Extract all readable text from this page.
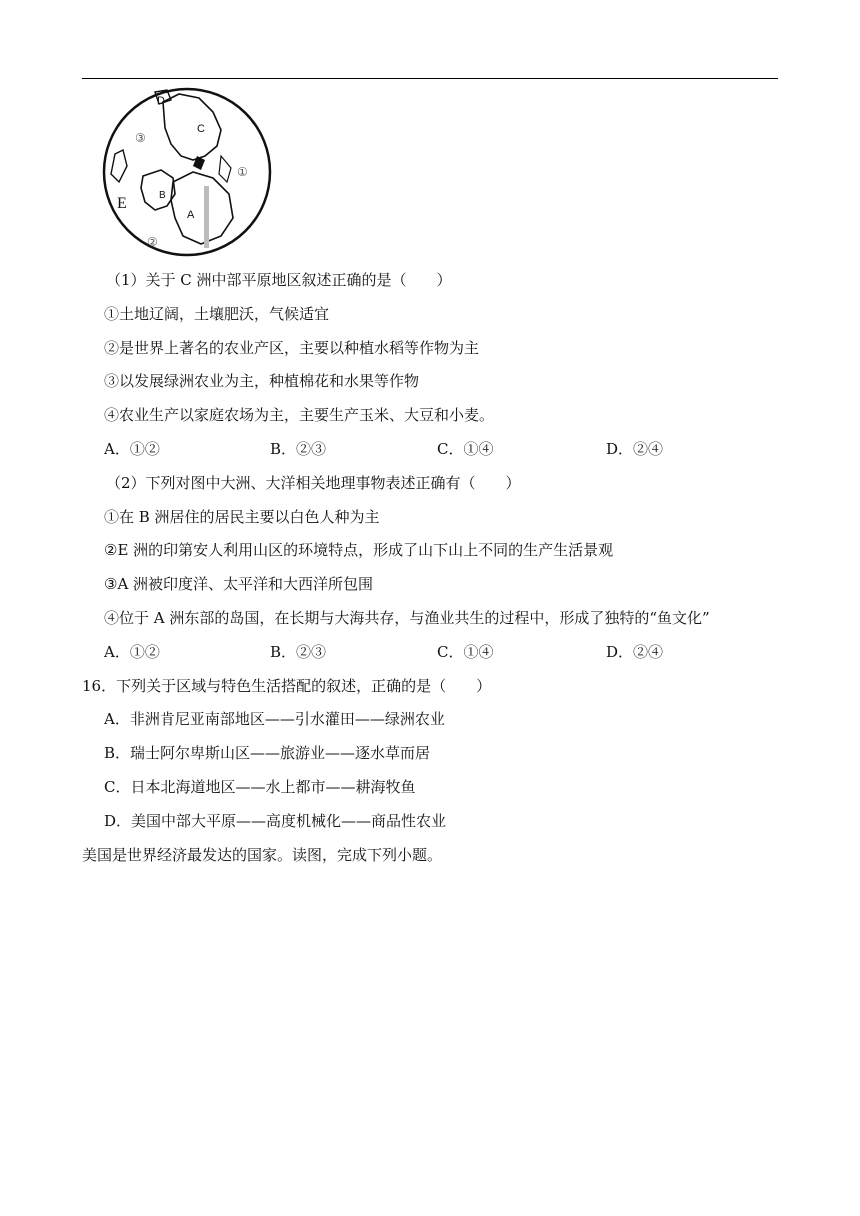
C
D
E	B
A
①
②
③
（1）关于 C 洲中部平原地区叙述正确的是（　　）
①土地辽阔，土壤肥沃，气候适宜
②是世界上著名的农业产区，主要以种植水稻等作物为主
③以发展绿洲农业为主，种植棉花和水果等作物
④农业生产以家庭农场为主，主要生产玉米、大豆和小麦。
A．①②	B．②③	C．①④	D．②④
（2）下列对图中大洲、大洋相关地理事物表述正确有（　　）
①在 B 洲居住的居民主要以白色人种为主
②E 洲的印第安人利用山区的环境特点，形成了山下山上不同的生产生活景观
③A 洲被印度洋、太平洋和大西洋所包围
④位于 A 洲东部的岛国，在长期与大海共存，与渔业共生的过程中，形成了独特的“鱼文化”
A．①②	B．②③	C．①④	D．②④
16．下列关于区域与特色生活搭配的叙述，正确的是（　　）
A．非洲肯尼亚南部地区——引水灌田——绿洲农业
B．瑞士阿尔卑斯山区——旅游业——逐水草而居
C．日本北海道地区——水上都市——耕海牧鱼
D．美国中部大平原——高度机械化——商品性农业
美国是世界经济最发达的国家。读图，完成下列小题。
